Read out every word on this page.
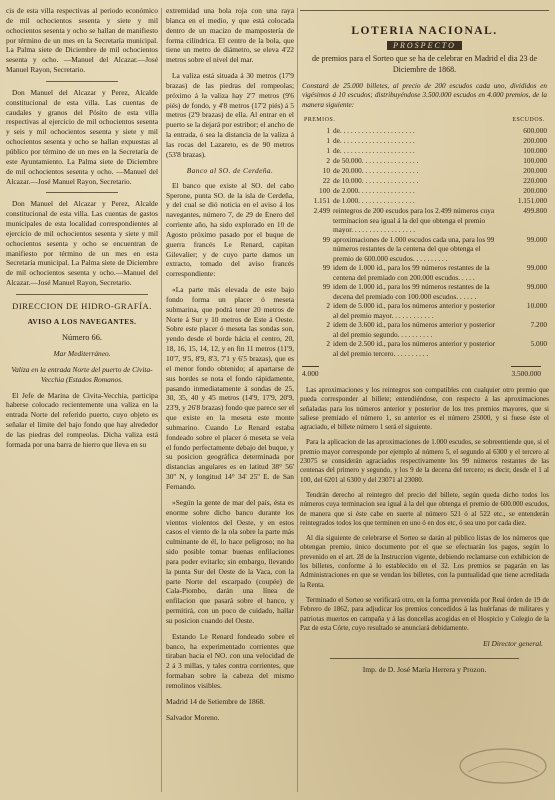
cis de esta villa respectivas al periodo económico de mil ochocientos sesenta y siete y mil ochocientos sesenta y ocho se hallan de manifiesto por término de un mes en la Secretaría municipal. La Palma siete de Diciembre de mil ochocientos sesenta y ocho. —Manuel del Alcazar.—José Manuel Rayon, Secretario.

Don Manuel del Alcazar y Perez, Alcalde constitucional de esta villa. Las cuentas de caudales y granos del Pósito de esta villa respectivas al ejercicio de mil ochocientos sesenta y seis y mil ochocientos sesenta y siete y mil ochocientos sesenta y ocho se hallan expuestas al público por término de un mes en la Secretaría de este Ayuntamiento. La Palma siete de Diciembre de mil ochocientos sesenta y ocho. —Manuel del Alcazar.—José Manuel Rayon, Secretario.

Don Manuel del Alcazar y Perez, Alcalde constitucional de esta villa. Las cuentas de gastos municipales de esta localidad correspondientes al ejercicio de mil ochocientos sesenta y siete y mil ochocientos sesenta y ocho se encuentran de manifiesto por término de un mes en esta Secretaría municipal. La Palma siete de Diciembre de mil ochocientos sesenta y ocho.—Manuel del Alcazar.—José Manuel Rayon, Secretario.

DIRECCION DE HIDRO-GRAFÍA.
AVISO A LOS NAVEGANTES.

Número 66.

Mar Mediterráneo.

Valiza en la entrada Norte del puerto de Civita-Vecchia (Estados Romanos.

El Jefe de Marina de Civita-Vecchia, participa haberse colocado recientemente una valiza en la entrada Norte del referido puerto, cuyo objeto es señalar el límite del bajo fondo que hay alrededor de las piedras del rompeolas. Dicha valiza está formada por una barra de hierro que lleva en su

extremidad una bola roja con una raya blanca en el medio, y que está colocada dentro de un macizo de mampostería de forma cilíndrica. El centro de la bola, que tiene un metro de diámetro, se eleva 4'22 metros sobre el nivel del mar.

La valiza está situada á 30 metros (17'9 brazas) de las piedras del rompeolas; próximo á la valiza hay 2'7 metros (9'6 piés) de fondo, y 4'8 metros (17'2 piés) á 5 metros (2'9 brazas) de ella. Al entrar en el puerto se la dejará por estribor; el ancho de la entrada, ó sea la distancia de la valiza á las rocas del Lazareto, es de 90 metros (53'8 brazas).

Banco al SO. de Cerdeña.

El banco que existe al SO. del cabo Sperone, punta SO. de la isla de Cerdeña, y del cual se dió noticia en el aviso á los navegantes, número 7, de 29 de Enero del corriente año, ha sido explorado en 10 de Agosto próximo pasado por el buque de guerra francés Le Renard, capitan Gilevalier; y de cuyo parte damos un extracto, tomado del aviso francés correspondiente:

«La parte más elevada de este bajo fondo forma un placer ó meseta submarina, que podrá tener 20 metros de Norte á Sur y 10 metros de Este á Oeste. Sobre este placer ó meseta las sondas son, yendo desde el borde hácia el centro, 20, 18, 16, 15, 14, 12, y en fin 11 metros (11'9, 10'7, 9'5, 8'9, 8'3, 7'1 y 6'5 brazas), que es el menor fondo obtenido; al apartarse de sus bordes se nota el fondo rápidamente, pasando inmediatamente á sondas de 25, 30, 35, 40 y 45 metros (14'9, 17'9, 20'9, 23'9, y 26'8 brazas) fondo que parece ser el que existe en la meseta este monte submarino. Cuando Le Renard estaba fondeado sobre el placer ó meseta se veía el fondo perfectamente debajo del buque, y su posicion geográfica determinada por distancias angulares es en latitud 38° 56' 30'' N, y longitud 14° 34' 25'' E. de San Fernando.

»Según la gente de mar del país, ésta es enorme sobre dicho banco durante los vientos violentos del Oeste, y en estos casos el viento de la ola sobre la parte más culminante de él, lo hace peligroso; no ha sido posible tomar buenas enfilaciones para poder evitarlo; sin embargo, llevando la punta Sur del Oeste de la Vaca, con la parte Norte del escarpado (coupée) de Cala-Piombo, darán una línea de enfilacion que pasará sobre el banco, y permitirá, con un poco de cuidado, hallar su posicion cuando del Oeste.

Estando Le Renard fondeado sobre el banco, ha experimentado corrientes que tiraban hacia el NO. con una velocidad de 2 á 3 millas, y tales contra corrientes, que formaban sobre la cabeza del mismo remolinos visibles.

Madrid 14 de Setiembre de 1868.

Salvador Moreno.

LOTERIA NACIONAL.
PROSPECTO
de premios para el Sorteo que se ha de celebrar en Madrid el dia 23 de Diciembre de 1868.
Constará de 25.000 billetes, al precio de 200 escudos cada uno, divididos en vigésimos á 10 escudos; distribuyéndose 3.500.000 escudos en 4.000 premios, de la manera siguiente:
PREMIOS.	ESCUDOS.
1 de. . . . . . . . . . . . . . . . . . . . .	600.000
1 de. . . . . . . . . . . . . . . . . . . . .	200.000
1 de. . . . . . . . . . . . . . . . . . . . .	100.000
2 de 50.000. . . . . . . . . . . . . . . .	100.000
10 de 20.000. . . . . . . . . . . . . . . .	200.000
22 de 10.000. . . . . . . . . . . . . . . .	220.000
100 de 2.000. . . . . . . . . . . . . . . .	200.000
1.151 de 1.000. . . . . . . . . . . . . . . .	1.151.000
2.499 reintegros de 200 escudos para los 2.499 números cuya terminacion sea igual á la del que obtenga el premio mayor. . . . . . . . . . . . . . . . . .
499.800
99 aproximaciones de 1.000 escudos cada una, para los 99 números restantes de la centena del que obtenga el premio de 600.000 escudos. . . . . . . . . .
99.000
99 idem de 1.000 id., para los 99 números restantes de la centena del premiado con 200.000 escudos. . . . .
99.000
99 idem de 1.000 id., para los 99 números restantes de la decena del premiado con 100.000 escudos. . . . . .
99.000
2 idem de 5.000 id., para los números anterior y posterior al del premio mayor. . . . . . . . . . . .
10.000
2 idem de 3.600 id., para los números anterior y posterior al del premio segundo. . . . . . . . . .
7.200
2 idem de 2.500 id., para los números anterior y posterior al del premio tercero. . . . . . . . . .
5.000
4.000	3.500.000

Las aproximaciones y los reintegros son compatibles con cualquier otro premio que pueda corresponder al billete; entendiéndose, con respecto á las aproximaciones señaladas para los números anterior y posterior de los tres premios mayores, que si saliese premiado el número 1, su anterior es el número 25000, y si fuese éste el agraciado, el billete número 1 será el siguiente.

Para la aplicacion de las aproximaciones de 1.000 escudos, se sobreentiende que, si el premio mayor corresponde por ejemplo al número 5, el segundo al 6300 y el tercero al 23075 se considerán agraciados respectivamente los 99 números restantes de las centenas del primero y segundo, y los 9 de la decena del tercero; es decir, desde el 1 al 100, del 6201 al 6300 y del 23071 al 23080.

Tendrán derecho al reintegro del precio del billete, según queda dicho todos los números cuya terminacion sea igual á la del que obtenga el premio de 600.000 escudos, de manera que si éste cabe en suerte al número 521 ó al 522 etc., se entenderán reintegrados todos los que terminen en uno ó en dos etc, ó sea uno por cada diez.

Al dia siguiente de celebrarse el Sorteo se darán al público listas de los números que obtengan premio, único documento por el que se efectuarán los pagos, según lo prevenido en el art. 28 de la Instruccion vigente, debiendo reclamarse con exhibicion de los billetes, conforme á lo establecido en el 32. Los premios se pagarán en las Administraciones en que se vendan los billetes, con la puntualidad que tiene acreditada la Renta.

Terminado el Sorteo se verificará otro, en la forma prevenida por Real órden de 19 de Febrero de 1862, para adjudicar los premios concedidos á las huérfanas de militares y patriotas muertos en campaña y á las doncellas acogidas en el Hospicio y Colegio de la Paz de esta Córte, cuyo resultado se anunciará debidamente.

El Director general.
Imp. de D. José María Herrera y Prozon.
